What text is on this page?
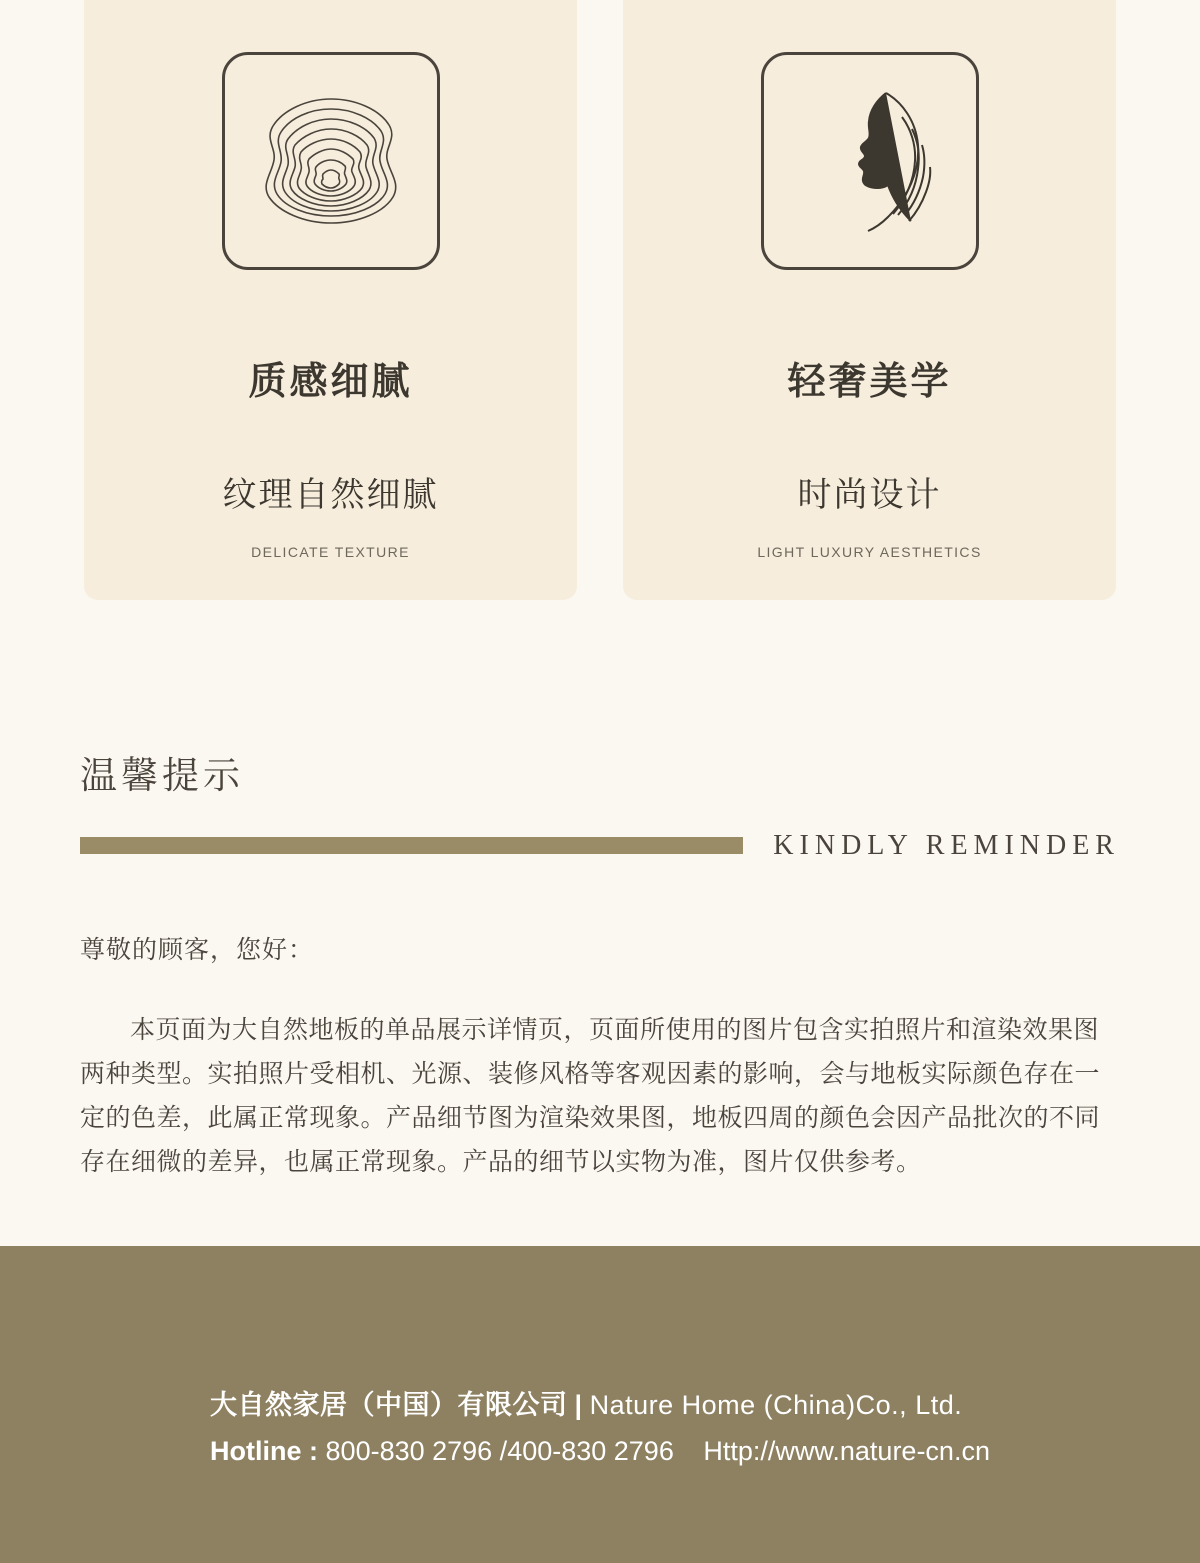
质感细腻
纹理自然细腻
DELICATE TEXTURE
轻奢美学
时尚设计
LIGHT LUXURY AESTHETICS
温馨提示
KINDLY REMINDER

尊敬的顾客，您好：

本页面为大自然地板的单品展示详情页，页面所使用的图片包含实拍照片和渲染效果图两种类型。实拍照片受相机、光源、装修风格等客观因素的影响，会与地板实际颜色存在一定的色差，此属正常现象。产品细节图为渲染效果图，地板四周的颜色会因产品批次的不同存在细微的差异，也属正常现象。产品的细节以实物为准，图片仅供参考。

大自然家居（中国）有限公司 | Nature Home (China)Co., Ltd.
Hotline : 800-830 2796 /400-830 2796 Http://www.nature-cn.cn
